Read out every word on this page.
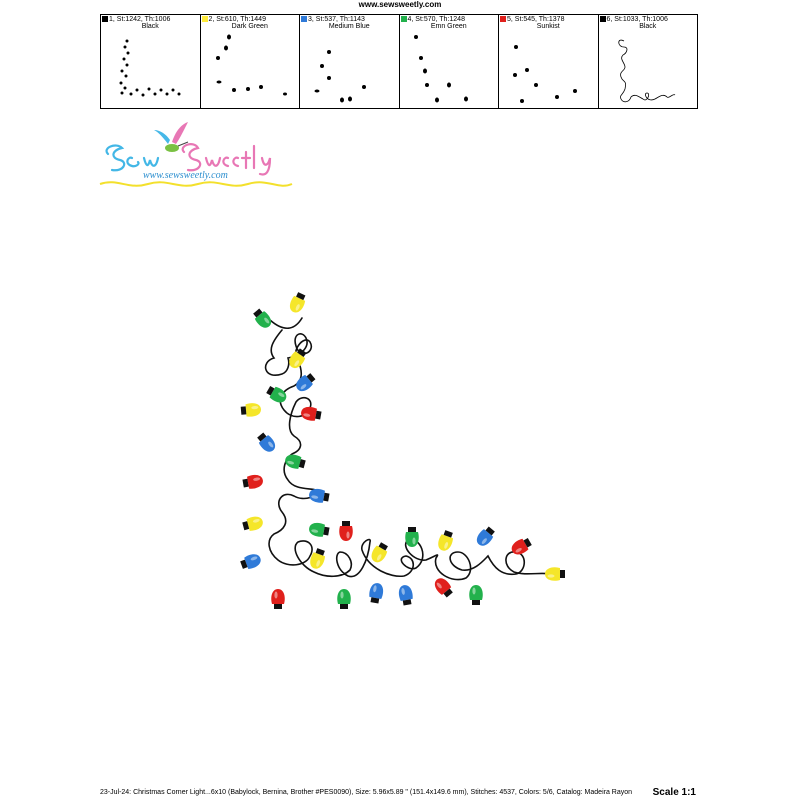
www.sewsweetly.com
1, St:1242, Th:1006
Black
2, St:610, Th:1449
Dark Green
3, St:537, Th:1143
Medium Blue
4, St:570, Th:1248
Emn Green
5, St:545, Th:1378
Sunkist
6, St:1033, Th:1006
Black
www.sewsweetly.com
23-Jul-24: Christmas Corner Light...6x10 (Babylock, Bernina, Brother #PES0090), Size: 5.96x5.89 " (151.4x149.6 mm), Stitches: 4537, Colors: 5/6, Catalog: Madeira Rayon	Scale 1:1
